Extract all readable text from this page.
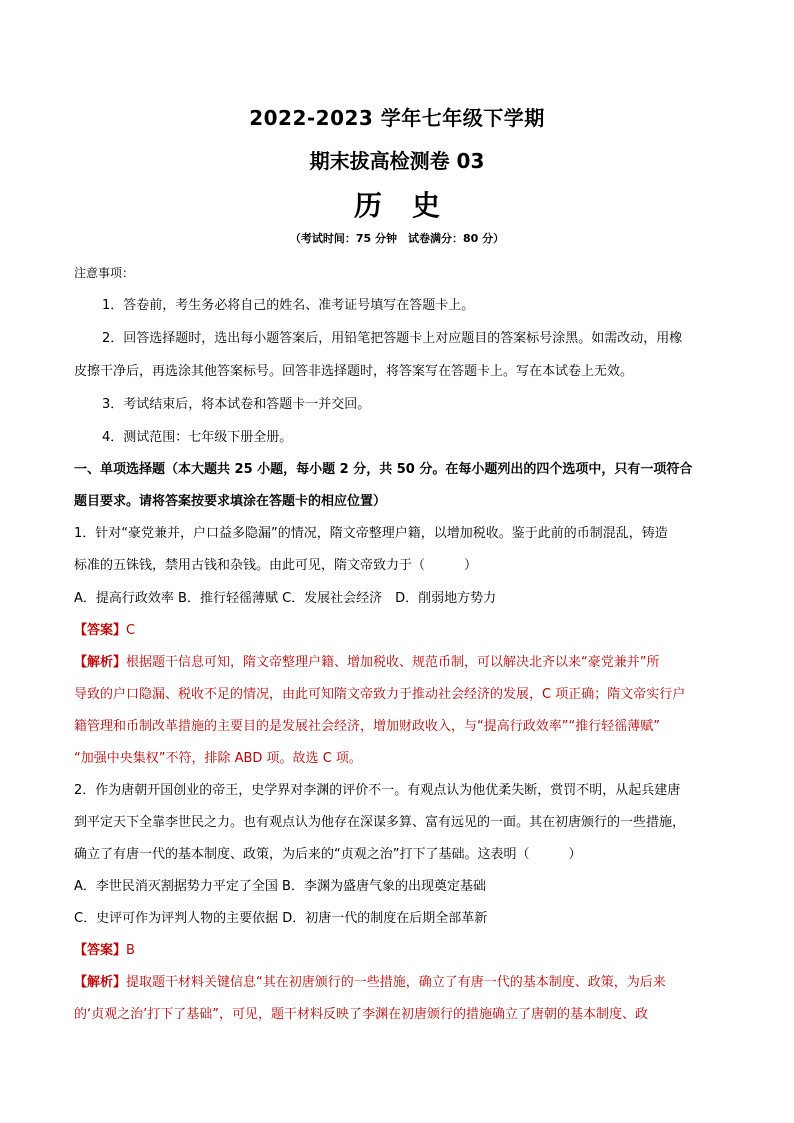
2022-2023 学年七年级下学期
期末拔高检测卷 03
历史
（考试时间：75 分钟　试卷满分：80 分）
注意事项：
1．答卷前，考生务必将自己的姓名、准考证号填写在答题卡上。
2．回答选择题时，选出每小题答案后，用铅笔把答题卡上对应题目的答案标号涂黑。如需改动，用橡
皮擦干净后，再选涂其他答案标号。回答非选择题时，将答案写在答题卡上。写在本试卷上无效。
3．考试结束后，将本试卷和答题卡一并交回。
4．测试范围：七年级下册全册。
一、单项选择题（本大题共 25 小题，每小题 2 分，共 50 分。在每小题列出的四个选项中，只有一项符合
题目要求。请将答案按要求填涂在答题卡的相应位置）
1．针对“豪党兼并，户口益多隐漏”的情况，隋文帝整理户籍，以增加税收。鉴于此前的币制混乱，铸造
标准的五铢钱，禁用古钱和杂钱。由此可见，隋文帝致力于（　　　）
A．提高行政效率 B．推行轻徭薄赋 C．发展社会经济　D．削弱地方势力
【答案】C
【解析】根据题干信息可知，隋文帝整理户籍、增加税收、规范币制，可以解决北齐以来“豪党兼并”所
导致的户口隐漏、税收不足的情况，由此可知隋文帝致力于推动社会经济的发展，C 项正确；隋文帝实行户
籍管理和币制改革措施的主要目的是发展社会经济，增加财政收入，与“提高行政效率”“推行轻徭薄赋”
“加强中央集权”不符，排除 ABD 项。故选 C 项。
2．作为唐朝开国创业的帝王，史学界对李渊的评价不一。有观点认为他优柔失断，赏罚不明，从起兵建唐
到平定天下全靠李世民之力。也有观点认为他存在深谋多算、富有远见的一面。其在初唐颁行的一些措施，
确立了有唐一代的基本制度、政策，为后来的“贞观之治”打下了基础。这表明（　　　）
A．李世民消灭割据势力平定了全国 B．李渊为盛唐气象的出现奠定基础
C．史评可作为评判人物的主要依据 D．初唐一代的制度在后期全部革新
【答案】B
【解析】提取题干材料关键信息“其在初唐颁行的一些措施，确立了有唐一代的基本制度、政策，为后来
的‘贞观之治’打下了基础”，可见，题干材料反映了李渊在初唐颁行的措施确立了唐朝的基本制度、政
